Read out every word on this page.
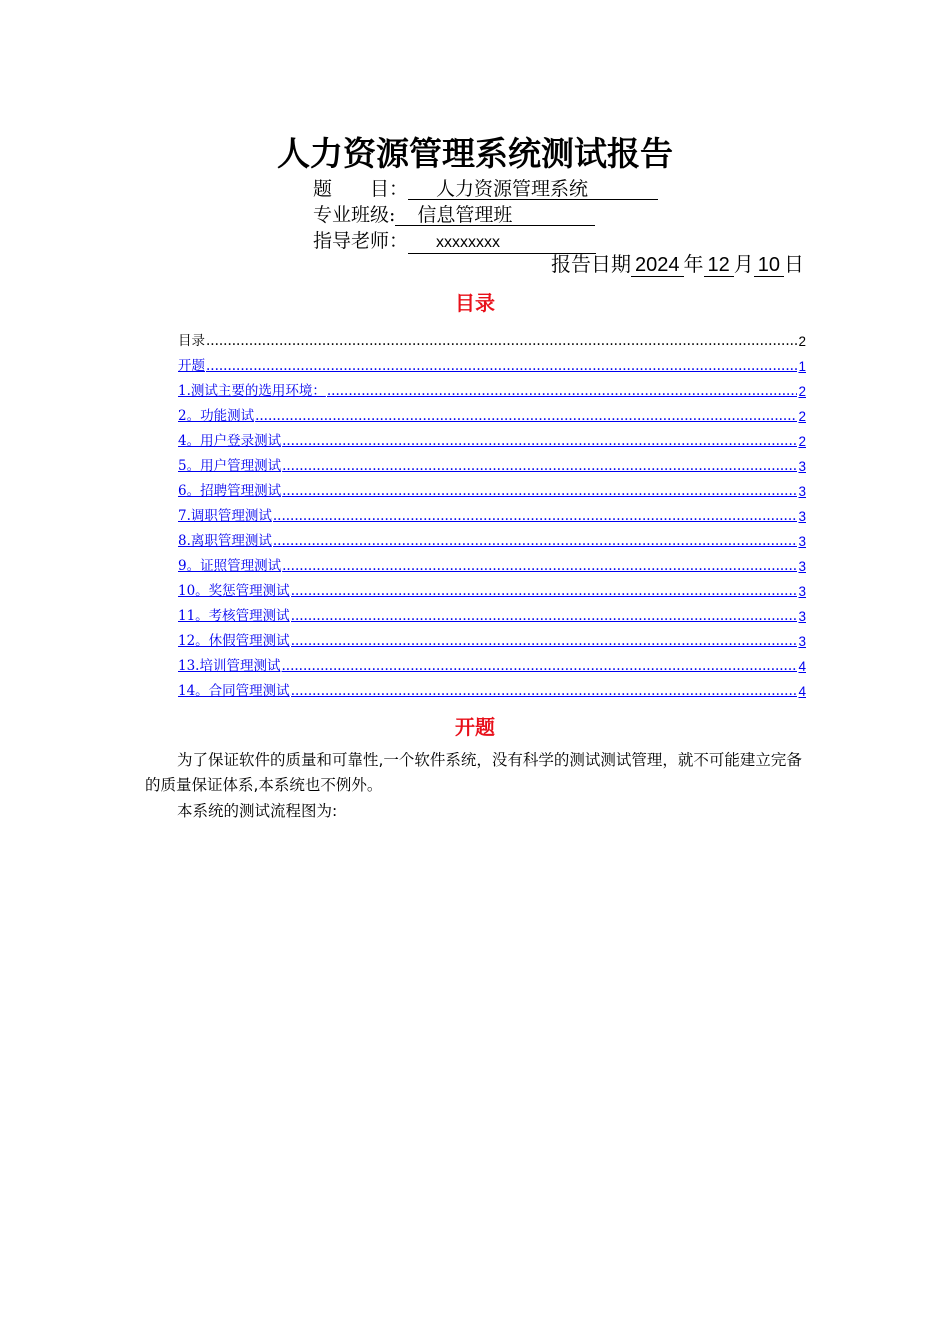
人力资源管理系统测试报告
题　　目： 人力资源管理系统
专业班级: 信息管理班
指导老师： xxxxxxxx
报告日期 2024 年 12 月 10 日
目录
目录 .....	2
开题 .....	1
1.测试主要的选用环境： .....	2
2。功能测试 .....	2
4。用户登录测试 .....	2
5。用户管理测试 .....	3
6。招聘管理测试 .....	3
7.调职管理测试 .....	3
8.离职管理测试 .....	3
9。证照管理测试 .....	3
10。奖惩管理测试 .....	3
11。考核管理测试 .....	3
12。休假管理测试 .....	3
13.培训管理测试 .....	4
14。合同管理测试 .....	4
开题
为了保证软件的质量和可靠性,一个软件系统，没有科学的测试测试管理，就不可能建立完备的质量保证体系,本系统也不例外。
本系统的测试流程图为:
